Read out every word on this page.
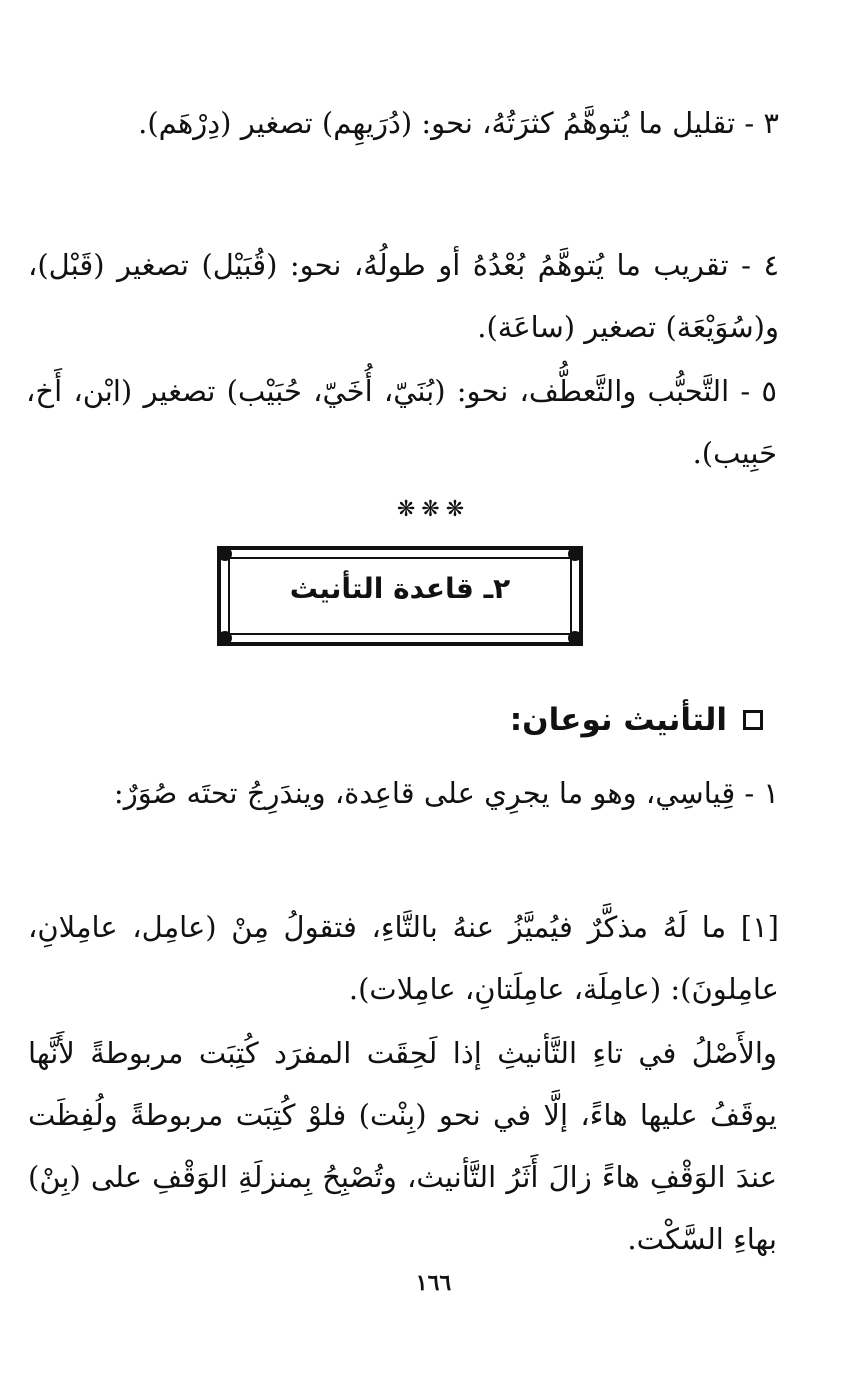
٣ - تقليل ما يُتوهَّمُ كثرَتُهُ، نحو: (دُرَيهِم) تصغير (دِرْهَم).

٤ - تقريب ما يُتوهَّمُ بُعْدُهُ أو طولُهُ، نحو: (قُبَيْل) تصغير (قَبْل)، و(سُوَيْعَة) تصغير (ساعَة).

٥ - التَّحبُّب والتَّعطُّف، نحو: (بُنَيّ، أُخَيّ، حُبَيْب) تصغير (ابْن، أَخ، حَبِيب).

❋❋❋
٢ـ قاعدة التأنيث
التأنيث نوعان:

١ - قِياسِي، وهو ما يجرِي على قاعِدة، ويندَرِجُ تحتَه صُوَرٌ:

[١] ما لَهُ مذكَّرٌ فيُميَّزُ عنهُ بالتَّاءِ، فتقولُ مِنْ (عامِل، عامِلانِ، عامِلونَ): (عامِلَة، عامِلَتانِ، عامِلات).

والأَصْلُ في تاءِ التَّأنيثِ إذا لَحِقَت المفرَد كُتِبَت مربوطةً لأَنَّها يوقَفُ عليها هاءً، إلَّا في نحو (بِنْت) فلوْ كُتِبَت مربوطةً ولُفِظَت عندَ الوَقْفِ هاءً زالَ أَثَرُ التَّأنيث، وتُصْبِحُ بِمنزلَةِ الوَقْفِ على (بِنْ) بهاءِ السَّكْت.

١٦٦
